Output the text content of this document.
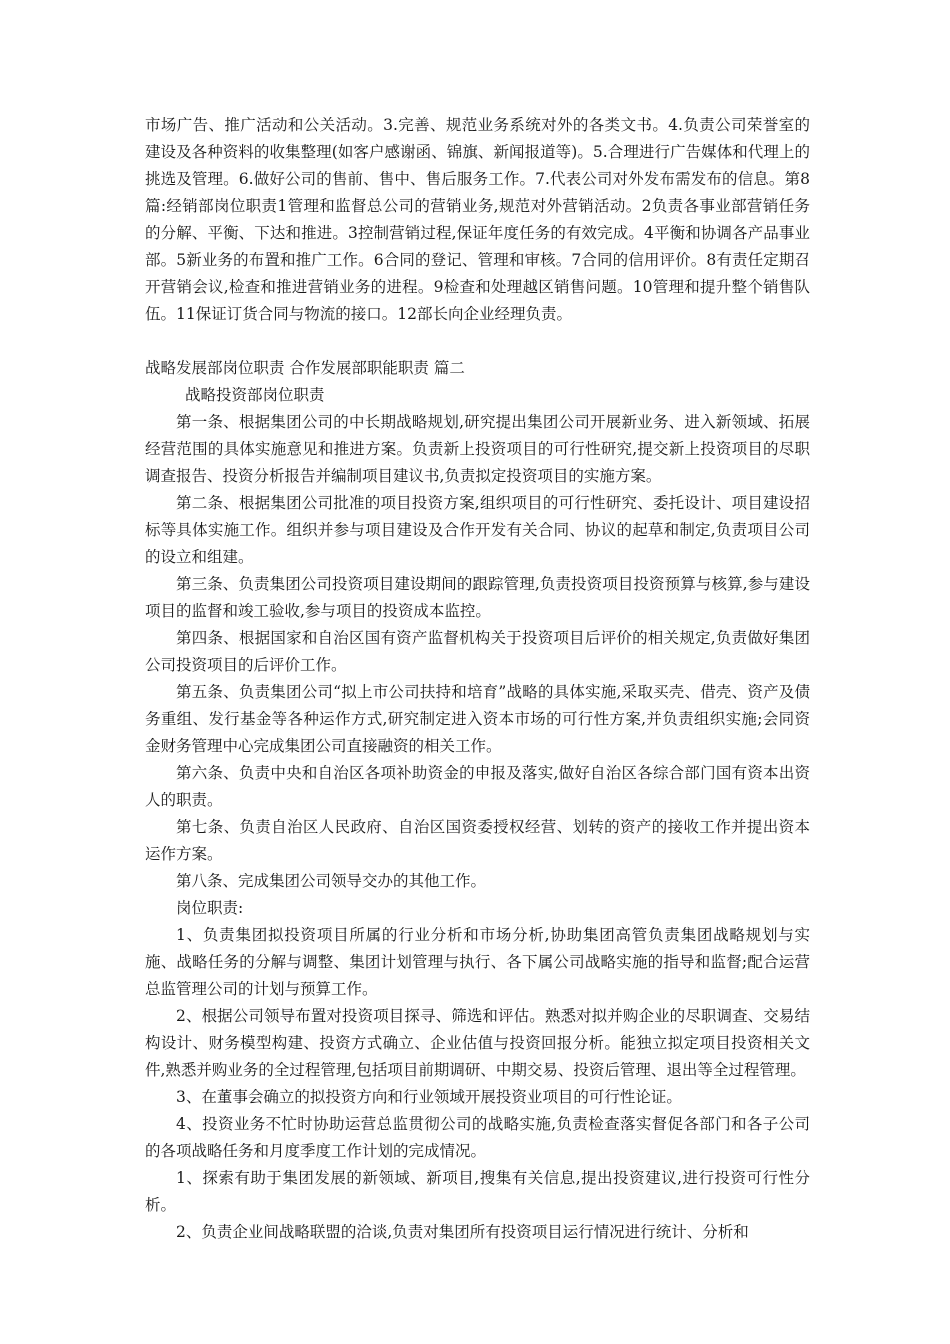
市场广告、推广活动和公关活动。3.完善、规范业务系统对外的各类文书。4.负责公司荣誉室的建设及各种资料的收集整理(如客户感谢函、锦旗、新闻报道等)。5.合理进行广告媒体和代理上的挑选及管理。6.做好公司的售前、售中、售后服务工作。7.代表公司对外发布需发布的信息。第8篇:经销部岗位职责1管理和监督总公司的营销业务,规范对外营销活动。2负责各事业部营销任务的分解、平衡、下达和推进。3控制营销过程,保证年度任务的有效完成。4平衡和协调各产品事业部。5新业务的布置和推广工作。6合同的登记、管理和审核。7合同的信用评价。8有责任定期召开营销会议,检查和推进营销业务的进程。9检查和处理越区销售问题。10管理和提升整个销售队伍。11保证订货合同与物流的接口。12部长向企业经理负责。

战略发展部岗位职责 合作发展部职能职责 篇二

战略投资部岗位职责

第一条、根据集团公司的中长期战略规划,研究提出集团公司开展新业务、进入新领域、拓展经营范围的具体实施意见和推进方案。负责新上投资项目的可行性研究,提交新上投资项目的尽职调查报告、投资分析报告并编制项目建议书,负责拟定投资项目的实施方案。

第二条、根据集团公司批准的项目投资方案,组织项目的可行性研究、委托设计、项目建设招标等具体实施工作。组织并参与项目建设及合作开发有关合同、协议的起草和制定,负责项目公司的设立和组建。

第三条、负责集团公司投资项目建设期间的跟踪管理,负责投资项目投资预算与核算,参与建设项目的监督和竣工验收,参与项目的投资成本监控。

第四条、根据国家和自治区国有资产监督机构关于投资项目后评价的相关规定,负责做好集团公司投资项目的后评价工作。

第五条、负责集团公司“拟上市公司扶持和培育”战略的具体实施,采取买壳、借壳、资产及债务重组、发行基金等各种运作方式,研究制定进入资本市场的可行性方案,并负责组织实施;会同资金财务管理中心完成集团公司直接融资的相关工作。

第六条、负责中央和自治区各项补助资金的申报及落实,做好自治区各综合部门国有资本出资人的职责。

第七条、负责自治区人民政府、自治区国资委授权经营、划转的资产的接收工作并提出资本运作方案。

第八条、完成集团公司领导交办的其他工作。

岗位职责:

1、负责集团拟投资项目所属的行业分析和市场分析,协助集团高管负责集团战略规划与实施、战略任务的分解与调整、集团计划管理与执行、各下属公司战略实施的指导和监督;配合运营总监管理公司的计划与预算工作。

2、根据公司领导布置对投资项目探寻、筛选和评估。熟悉对拟并购企业的尽职调查、交易结构设计、财务模型构建、投资方式确立、企业估值与投资回报分析。能独立拟定项目投资相关文件,熟悉并购业务的全过程管理,包括项目前期调研、中期交易、投资后管理、退出等全过程管理。

3、在董事会确立的拟投资方向和行业领域开展投资业项目的可行性论证。

4、投资业务不忙时协助运营总监贯彻公司的战略实施,负责检查落实督促各部门和各子公司的各项战略任务和月度季度工作计划的完成情况。

1、探索有助于集团发展的新领域、新项目,搜集有关信息,提出投资建议,进行投资可行性分析。

2、负责企业间战略联盟的洽谈,负责对集团所有投资项目运行情况进行统计、分析和
